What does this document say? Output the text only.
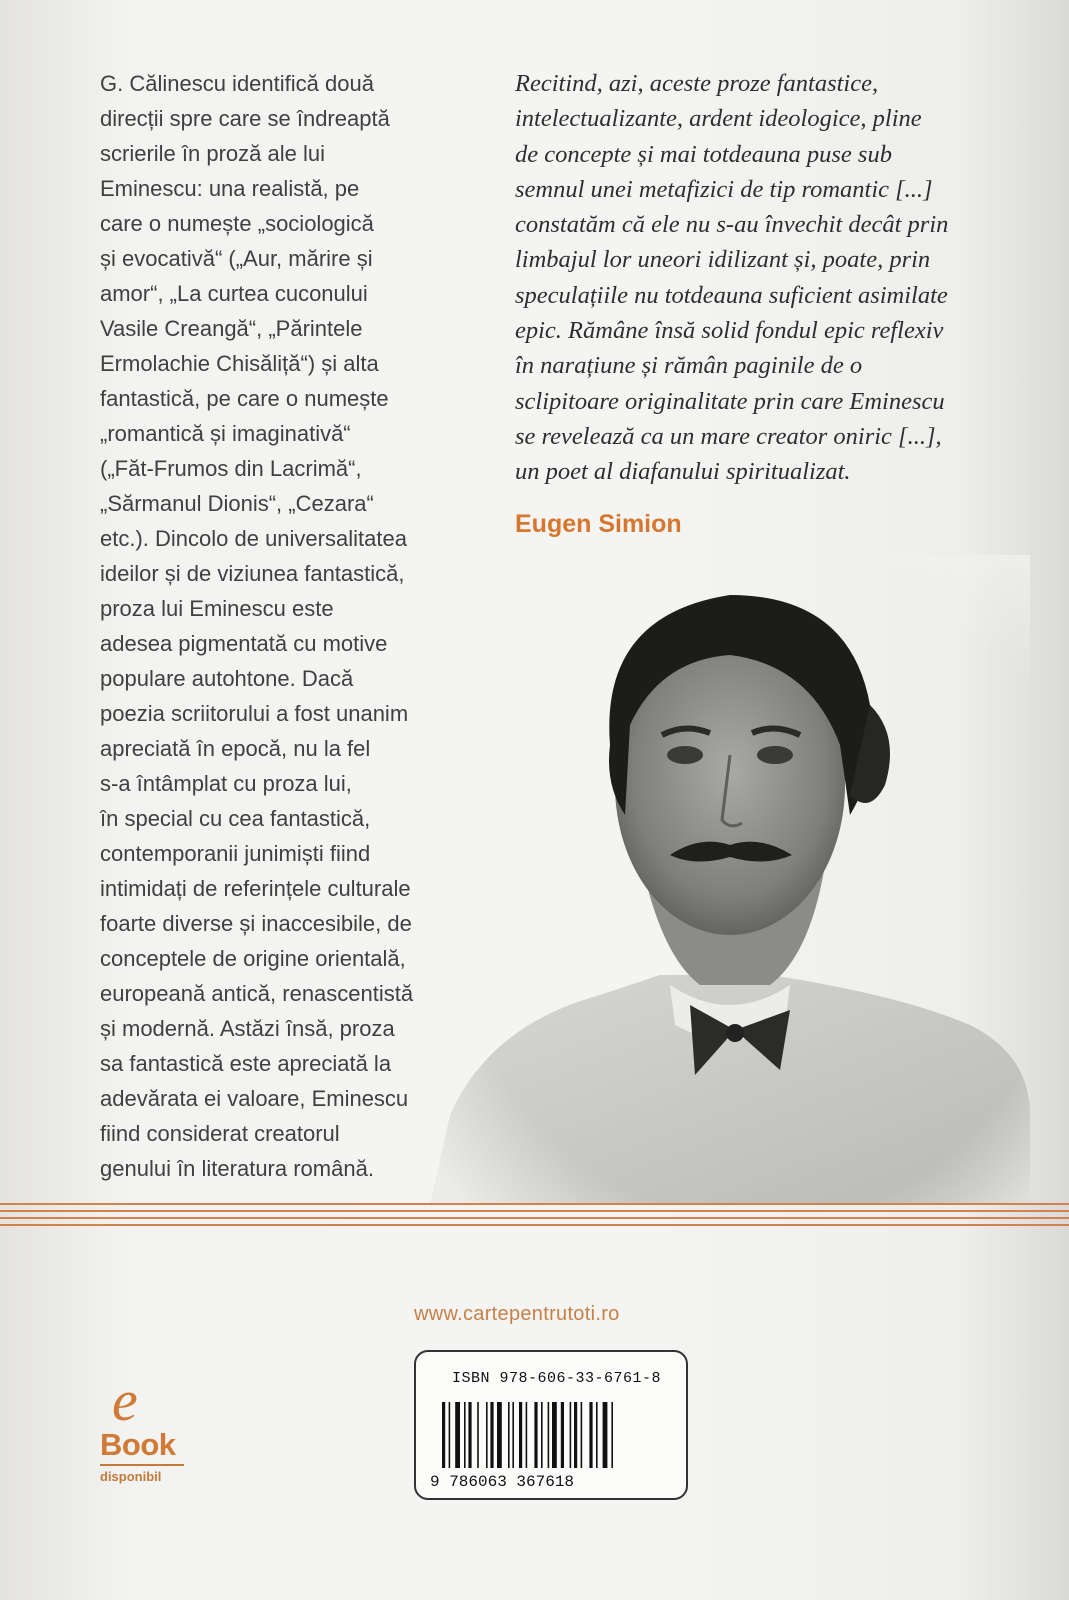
G. Călinescu identifică două
direcții spre care se îndreaptă
scrierile în proză ale lui
Eminescu: una realistă, pe
care o numește „sociologică
și evocativă“ („Aur, mărire și
amor“, „La curtea cuconului
Vasile Creangă“, „Părintele
Ermolachie Chisăliță“) și alta
fantastică, pe care o numește
„romantică și imaginativă“
(„Făt-Frumos din Lacrimă“,
„Sărmanul Dionis“, „Cezara“
etc.). Dincolo de universalitatea
ideilor și de viziunea fantastică,
proza lui Eminescu este
adesea pigmentată cu motive
populare autohtone. Dacă
poezia scriitorului a fost unanim
apreciată în epocă, nu la fel
s-a întâmplat cu proza lui,
în special cu cea fantastică,
contemporanii junimiști fiind
intimidați de referințele culturale
foarte diverse și inaccesibile, de
conceptele de origine orientală,
europeană antică, renascentistă
și modernă. Astăzi însă, proza
sa fantastică este apreciată la
adevărata ei valoare, Eminescu
fiind considerat creatorul
genului în literatura română.
Recitind, azi, aceste proze fantastice,
intelectualizante, ardent ideologice, pline
de concepte și mai totdeauna puse sub
semnul unei metafizici de tip romantic [...]
constatăm că ele nu s-au învechit decât prin
limbajul lor uneori idilizant și, poate, prin
speculațiile nu totdeauna suficient asimilate
epic. Rămâne însă solid fondul epic reflexiv
în narațiune și rămân paginile de o
sclipitoare originalitate prin care Eminescu
se revelează ca un mare creator oniric [...],
un poet al diafanului spiritualizat.
Eugen Simion
www.cartepentrutoti.ro
ISBN 978-606-33-6761-8
9 786063 367618
e
Book
disponibil
